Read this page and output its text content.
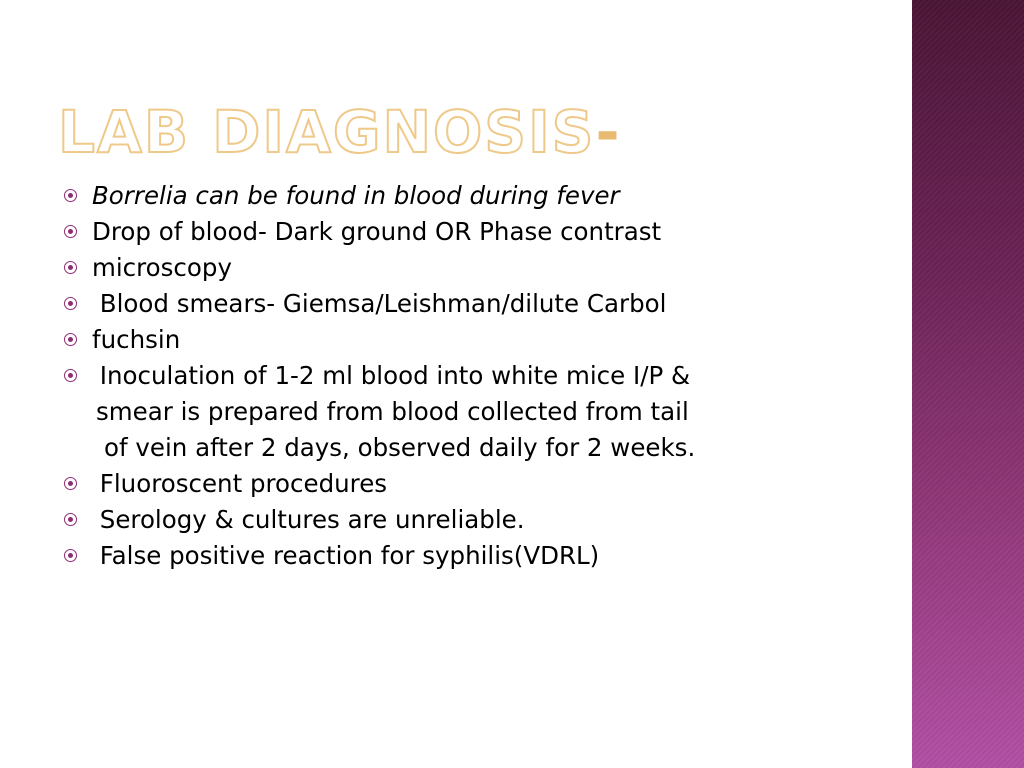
LAB DIAGNOSIS-
Borrelia can be found in blood during fever
Drop of blood- Dark ground OR Phase contrast
microscopy
Blood smears- Giemsa/Leishman/dilute Carbol
fuchsin
Inoculation of 1-2 ml blood into white mice I/P &
smear is prepared from blood collected from tail
of vein after 2 days, observed daily for 2 weeks.
Fluoroscent procedures
Serology & cultures are unreliable.
False positive reaction for syphilis(VDRL)
